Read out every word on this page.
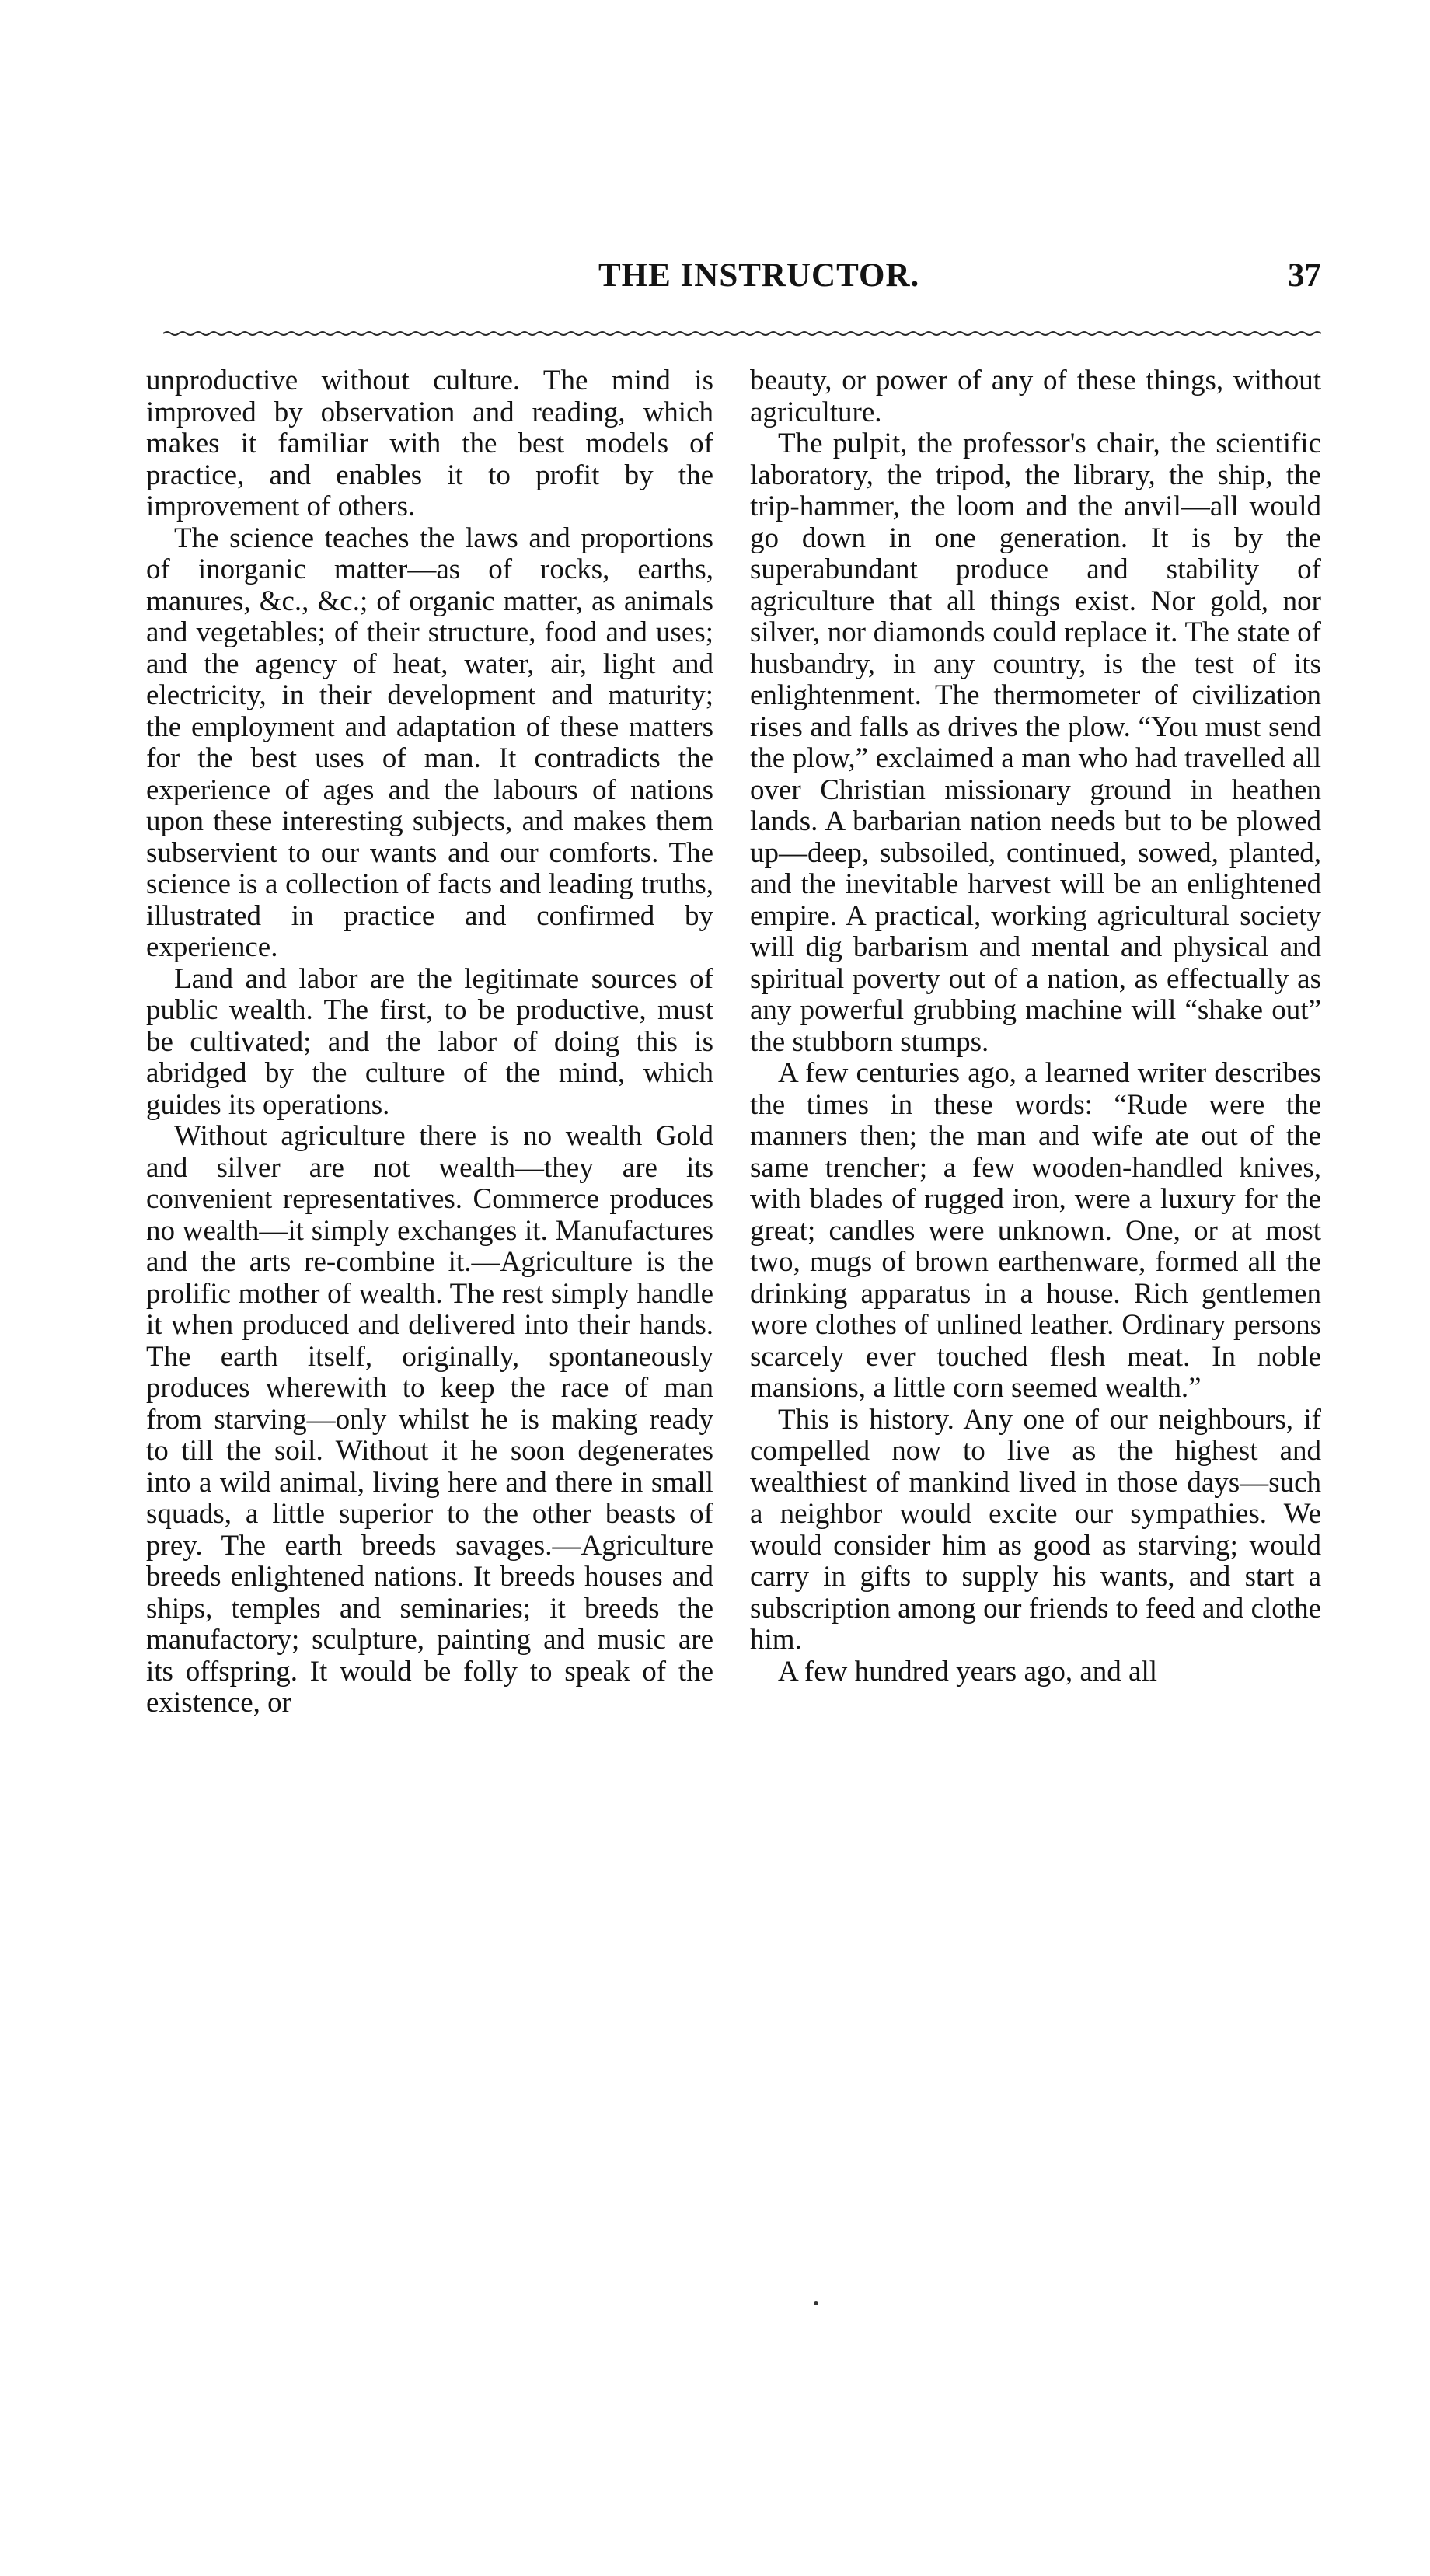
THE INSTRUCTOR.	37

unproductive without culture. The mind is improved by observation and reading, which makes it familiar with the best models of practice, and enables it to profit by the improvement of others.

The science teaches the laws and proportions of inorganic matter—as of rocks, earths, manures, &c., &c.; of organic matter, as animals and vegetables; of their structure, food and uses; and the agency of heat, water, air, light and electricity, in their development and maturity; the employment and adaptation of these matters for the best uses of man. It contradicts the experience of ages and the labours of nations upon these interesting subjects, and makes them subservient to our wants and our comforts. The science is a collection of facts and leading truths, illustrated in practice and confirmed by experience.

Land and labor are the legitimate sources of public wealth. The first, to be productive, must be cultivated; and the labor of doing this is abridged by the culture of the mind, which guides its operations.

Without agriculture there is no wealth Gold and silver are not wealth—they are its convenient representatives. Commerce produces no wealth—it simply exchanges it. Manufactures and the arts re-combine it.—Agriculture is the prolific mother of wealth. The rest simply handle it when produced and delivered into their hands. The earth itself, originally, spontaneously produces wherewith to keep the race of man from starving—only whilst he is making ready to till the soil. Without it he soon degenerates into a wild animal, living here and there in small squads, a little superior to the other beasts of prey. The earth breeds savages.—Agriculture breeds enlightened nations. It breeds houses and ships, temples and seminaries; it breeds the manufactory; sculpture, painting and music are its offspring. It would be folly to speak of the existence, or

beauty, or power of any of these things, without agriculture.

The pulpit, the professor's chair, the scientific laboratory, the tripod, the library, the ship, the trip-hammer, the loom and the anvil—all would go down in one generation. It is by the superabundant produce and stability of agriculture that all things exist. Nor gold, nor silver, nor diamonds could replace it. The state of husbandry, in any country, is the test of its enlightenment. The thermometer of civilization rises and falls as drives the plow. “You must send the plow,” exclaimed a man who had travelled all over Christian missionary ground in heathen lands. A barbarian nation needs but to be plowed up—deep, subsoiled, continued, sowed, planted, and the inevitable harvest will be an enlightened empire. A practical, working agricultural society will dig barbarism and mental and physical and spiritual poverty out of a nation, as effectually as any powerful grubbing machine will “shake out” the stubborn stumps.

A few centuries ago, a learned writer describes the times in these words: “Rude were the manners then; the man and wife ate out of the same trencher; a few wooden-handled knives, with blades of rugged iron, were a luxury for the great; candles were unknown. One, or at most two, mugs of brown earthenware, formed all the drinking apparatus in a house. Rich gentlemen wore clothes of unlined leather. Ordinary persons scarcely ever touched flesh meat. In noble mansions, a little corn seemed wealth.”

This is history. Any one of our neighbours, if compelled now to live as the highest and wealthiest of mankind lived in those days—such a neighbor would excite our sympathies. We would consider him as good as starving; would carry in gifts to supply his wants, and start a subscription among our friends to feed and clothe him.

A few hundred years ago, and all
